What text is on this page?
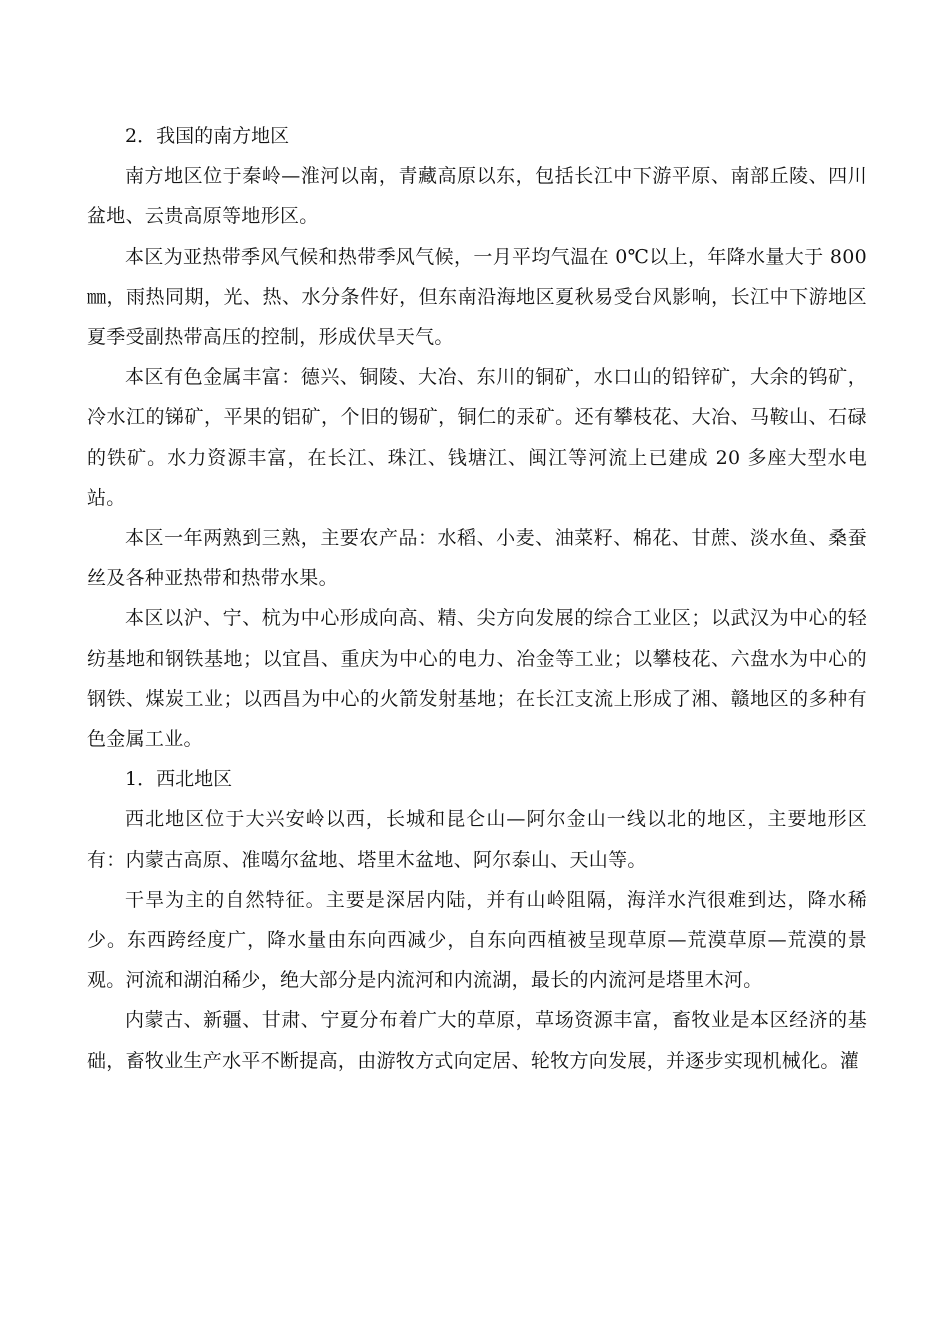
2．我国的南方地区

南方地区位于秦岭—淮河以南，青藏高原以东，包括长江中下游平原、南部丘陵、四川盆地、云贵高原等地形区。

本区为亚热带季风气候和热带季风气候，一月平均气温在 0℃以上，年降水量大于 800㎜，雨热同期，光、热、水分条件好，但东南沿海地区夏秋易受台风影响，长江中下游地区夏季受副热带高压的控制，形成伏旱天气。

本区有色金属丰富：德兴、铜陵、大冶、东川的铜矿，水口山的铅锌矿，大余的钨矿，冷水江的锑矿，平果的铝矿，个旧的锡矿，铜仁的汞矿。还有攀枝花、大冶、马鞍山、石碌的铁矿。水力资源丰富，在长江、珠江、钱塘江、闽江等河流上已建成 20 多座大型水电站。

本区一年两熟到三熟，主要农产品：水稻、小麦、油菜籽、棉花、甘蔗、淡水鱼、桑蚕丝及各种亚热带和热带水果。

本区以沪、宁、杭为中心形成向高、精、尖方向发展的综合工业区；以武汉为中心的轻纺基地和钢铁基地；以宜昌、重庆为中心的电力、冶金等工业；以攀枝花、六盘水为中心的钢铁、煤炭工业；以西昌为中心的火箭发射基地；在长江支流上形成了湘、赣地区的多种有色金属工业。

1．西北地区

西北地区位于大兴安岭以西，长城和昆仑山—阿尔金山一线以北的地区，主要地形区有：内蒙古高原、准噶尔盆地、塔里木盆地、阿尔泰山、天山等。

干旱为主的自然特征。主要是深居内陆，并有山岭阻隔，海洋水汽很难到达，降水稀少。东西跨经度广，降水量由东向西减少，自东向西植被呈现草原—荒漠草原—荒漠的景观。河流和湖泊稀少，绝大部分是内流河和内流湖，最长的内流河是塔里木河。

内蒙古、新疆、甘肃、宁夏分布着广大的草原，草场资源丰富，畜牧业是本区经济的基础，畜牧业生产水平不断提高，由游牧方式向定居、轮牧方向发展，并逐步实现机械化。灌
